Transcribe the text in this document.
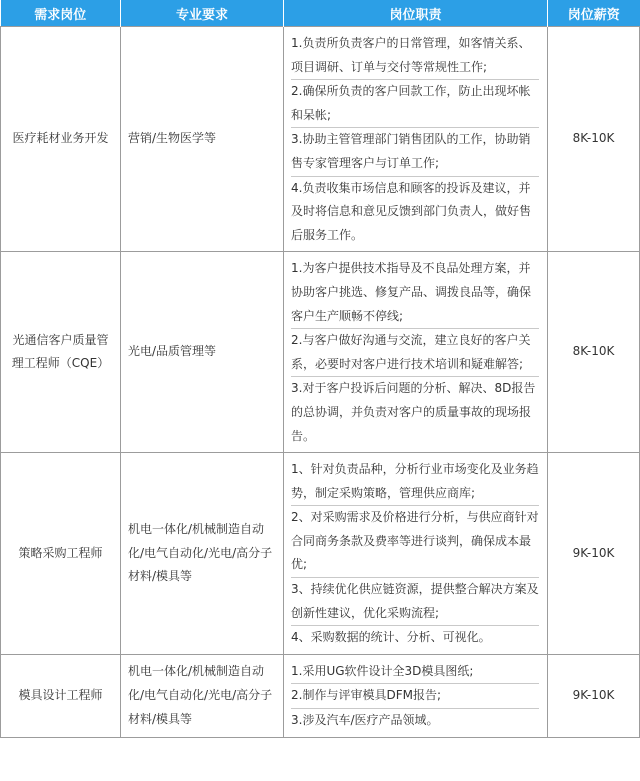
需求岗位	专业要求	岗位职责	岗位薪资
医疗耗材业务开发	营销/生物医学等	1.负责所负责客户的日常管理，如客情关系、项目调研、订单与交付等常规性工作;
2.确保所负责的客户回款工作，防止出现坏帐和呆帐;
3.协助主管管理部门销售团队的工作，协助销售专家管理客户与订单工作;
4.负责收集市场信息和顾客的投诉及建议，并及时将信息和意见反馈到部门负责人，做好售后服务工作。	8K-10K
光通信客户质量管理工程师（CQE）	光电/品质管理等	1.为客户提供技术指导及不良品处理方案，并协助客户挑选、修复产品、调拨良品等，确保客户生产顺畅不停线;
2.与客户做好沟通与交流，建立良好的客户关系，必要时对客户进行技术培训和疑难解答;
3.对于客户投诉后问题的分析、解决、8D报告的总协调，并负责对客户的质量事故的现场报告。	8K-10K
策略采购工程师	机电一体化/机械制造自动化/电气自动化/光电/高分子材料/模具等	1、针对负责品种，分析行业市场变化及业务趋势，制定采购策略，管理供应商库;
2、对采购需求及价格进行分析，与供应商针对合同商务条款及费率等进行谈判，确保成本最优;
3、持续优化供应链资源，提供整合解决方案及创新性建议，优化采购流程;
4、采购数据的统计、分析、可视化。	9K-10K
模具设计工程师	机电一体化/机械制造自动化/电气自动化/光电/高分子材料/模具等	1.采用UG软件设计全3D模具图纸;
2.制作与评审模具DFM报告;
3.涉及汽车/医疗产品领域。	9K-10K
